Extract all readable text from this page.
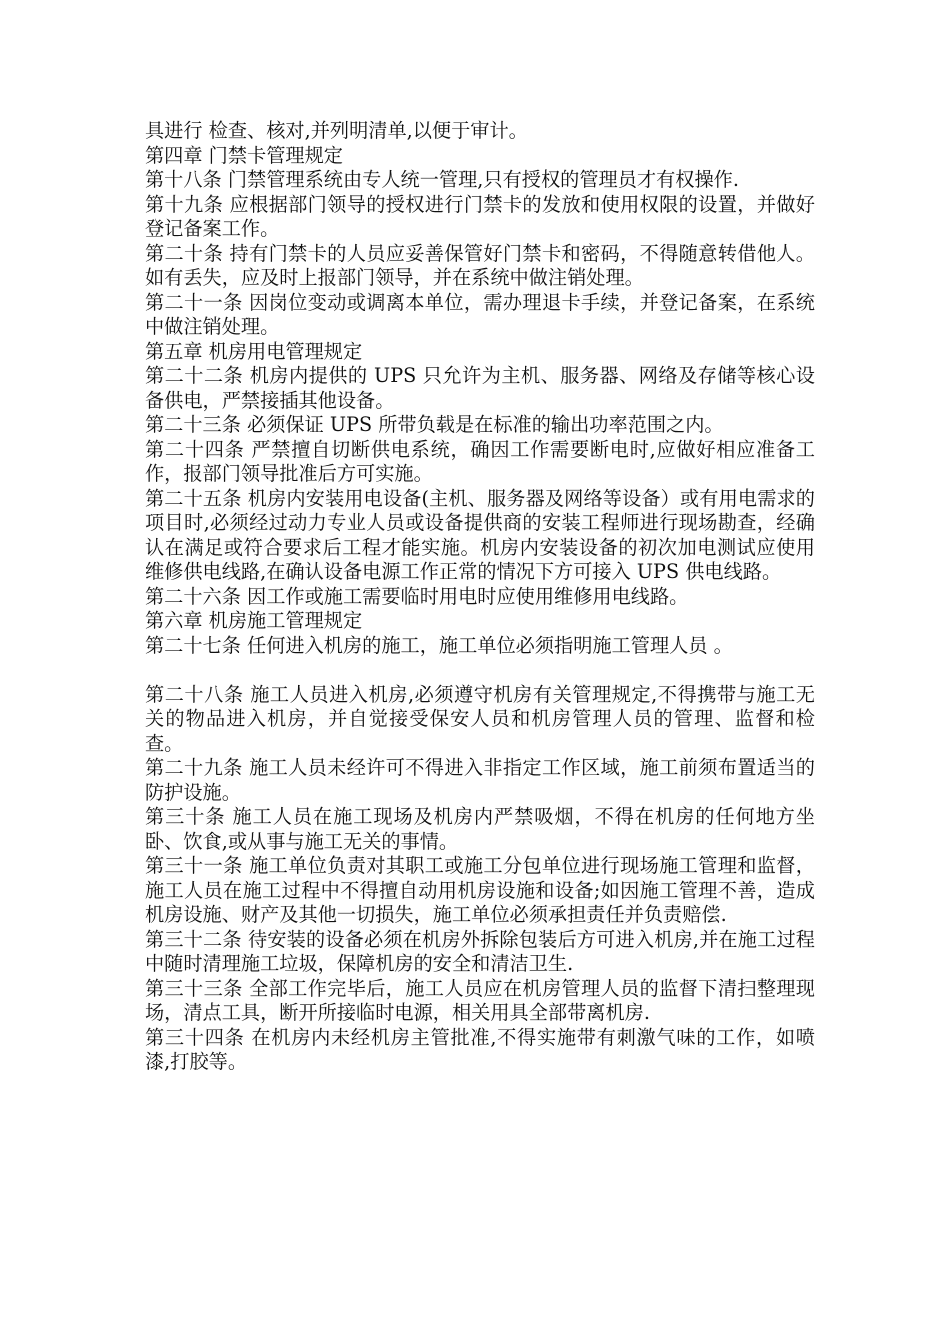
具进行 检查、核对,并列明清单,以便于审计。

第四章 门禁卡管理规定

第十八条 门禁管理系统由专人统一管理,只有授权的管理员才有权操作.

第十九条 应根据部门领导的授权进行门禁卡的发放和使用权限的设置，并做好登记备案工作。

第二十条 持有门禁卡的人员应妥善保管好门禁卡和密码，不得随意转借他人。如有丢失，应及时上报部门领导，并在系统中做注销处理。

第二十一条 因岗位变动或调离本单位，需办理退卡手续，并登记备案，在系统中做注销处理。

第五章 机房用电管理规定

第二十二条 机房内提供的 UPS 只允许为主机、服务器、网络及存储等核心设备供电，严禁接插其他设备。

第二十三条 必须保证 UPS 所带负载是在标准的输出功率范围之内。

第二十四条 严禁擅自切断供电系统，确因工作需要断电时,应做好相应准备工作，报部门领导批准后方可实施。

第二十五条 机房内安装用电设备(主机、服务器及网络等设备）或有用电需求的项目时,必须经过动力专业人员或设备提供商的安装工程师进行现场勘查，经确认在满足或符合要求后工程才能实施。机房内安装设备的初次加电测试应使用维修供电线路,在确认设备电源工作正常的情况下方可接入 UPS 供电线路。

第二十六条 因工作或施工需要临时用电时应使用维修用电线路。

第六章 机房施工管理规定

第二十七条 任何进入机房的施工，施工单位必须指明施工管理人员 。

第二十八条 施工人员进入机房,必须遵守机房有关管理规定,不得携带与施工无关的物品进入机房，并自觉接受保安人员和机房管理人员的管理、监督和检查。

第二十九条 施工人员未经许可不得进入非指定工作区域，施工前须布置适当的防护设施。

第三十条 施工人员在施工现场及机房内严禁吸烟，不得在机房的任何地方坐卧、饮食,或从事与施工无关的事情。

第三十一条 施工单位负责对其职工或施工分包单位进行现场施工管理和监督，施工人员在施工过程中不得擅自动用机房设施和设备;如因施工管理不善，造成机房设施、财产及其他一切损失，施工单位必须承担责任并负责赔偿.

第三十二条 待安装的设备必须在机房外拆除包装后方可进入机房,并在施工过程中随时清理施工垃圾，保障机房的安全和清洁卫生.

第三十三条 全部工作完毕后，施工人员应在机房管理人员的监督下清扫整理现场，清点工具，断开所接临时电源，相关用具全部带离机房.

第三十四条 在机房内未经机房主管批准,不得实施带有刺激气味的工作，如喷漆,打胶等。
